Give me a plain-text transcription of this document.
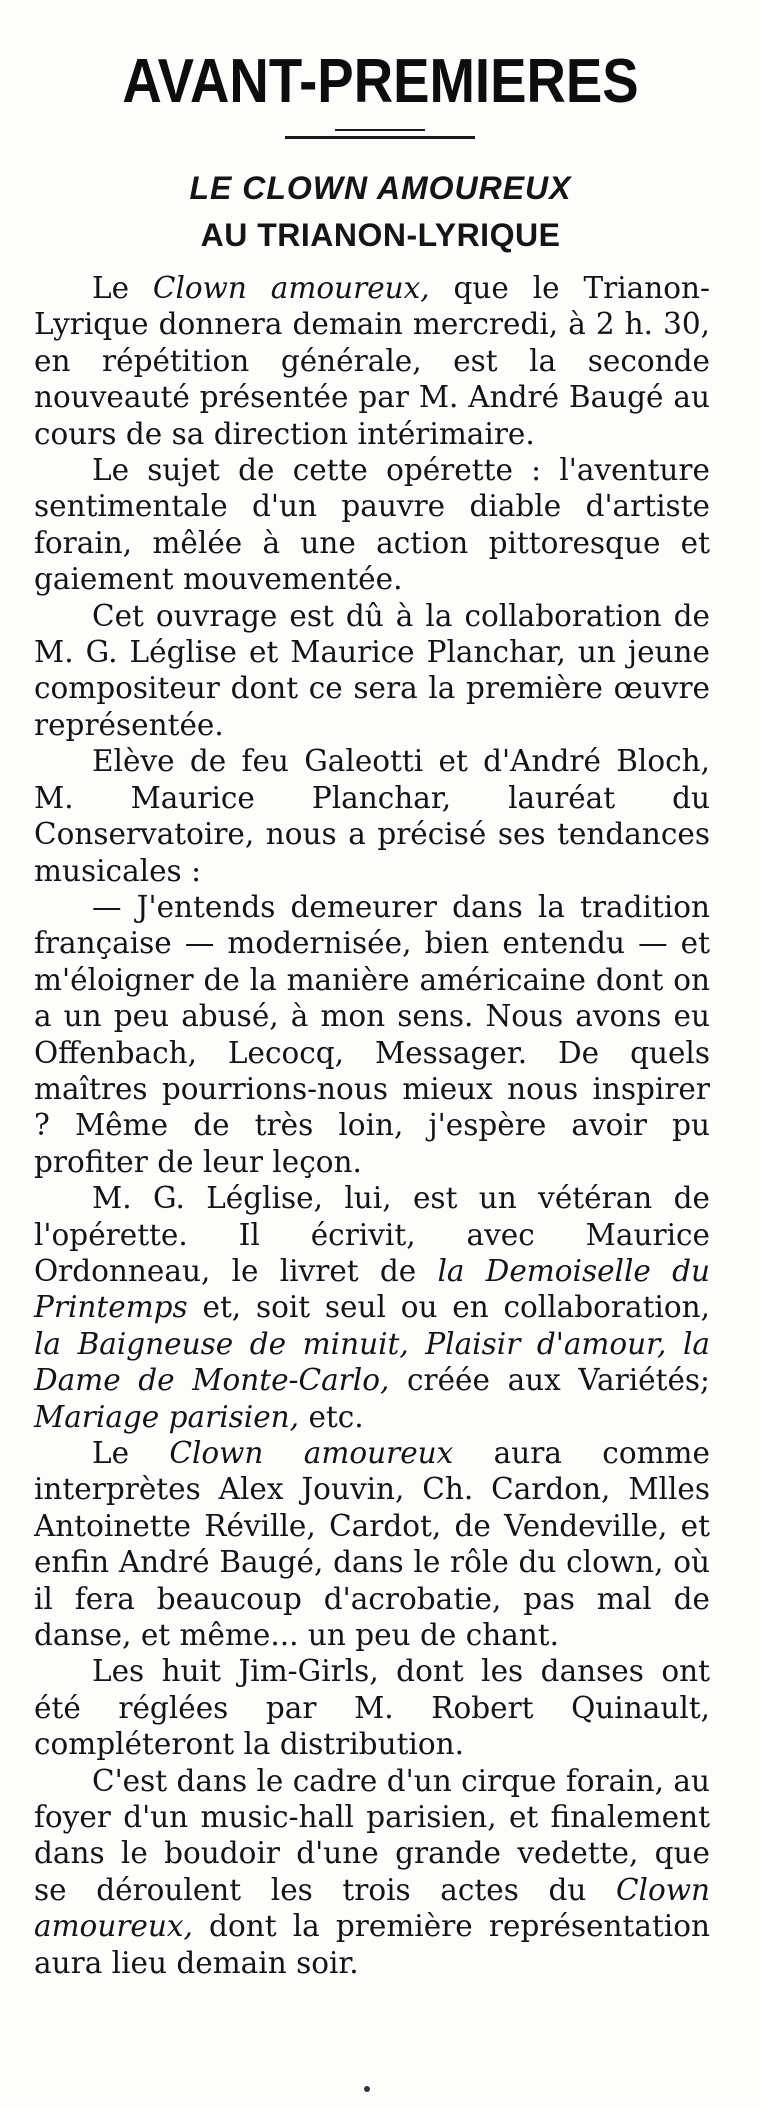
AVANT-PREMIERES
LE CLOWN AMOUREUX
AU TRIANON-LYRIQUE

Le Clown amoureux, que le Trianon-Lyrique donnera demain mercredi, à 2 h. 30, en répétition générale, est la seconde nouveauté présentée par M. André Baugé au cours de sa direction intérimaire.

Le sujet de cette opérette : l'aventure sentimentale d'un pauvre diable d'artiste forain, mêlée à une action pittoresque et gaiement mouvementée.

Cet ouvrage est dû à la collaboration de M. G. Léglise et Maurice Planchar, un jeune compositeur dont ce sera la première œuvre représentée.

Elève de feu Galeotti et d'André Bloch, M. Maurice Planchar, lauréat du Conservatoire, nous a précisé ses tendances musicales :

— J'entends demeurer dans la tradition française — modernisée, bien entendu — et m'éloigner de la manière américaine dont on a un peu abusé, à mon sens. Nous avons eu Offenbach, Lecocq, Messager. De quels maîtres pourrions-nous mieux nous inspirer ? Même de très loin, j'espère avoir pu profiter de leur leçon.

M. G. Léglise, lui, est un vétéran de l'opérette. Il écrivit, avec Maurice Ordonneau, le livret de la Demoiselle du Printemps et, soit seul ou en collaboration, la Baigneuse de minuit, Plaisir d'amour, la Dame de Monte-Carlo, créée aux Variétés; Mariage parisien, etc.

Le Clown amoureux aura comme interprètes Alex Jouvin, Ch. Cardon, Mlles Antoinette Réville, Cardot, de Vendeville, et enfin André Baugé, dans le rôle du clown, où il fera beaucoup d'acrobatie, pas mal de danse, et même... un peu de chant.

Les huit Jim-Girls, dont les danses ont été réglées par M. Robert Quinault, compléteront la distribution.

C'est dans le cadre d'un cirque forain, au foyer d'un music-hall parisien, et finalement dans le boudoir d'une grande vedette, que se déroulent les trois actes du Clown amoureux, dont la première représentation aura lieu demain soir.
